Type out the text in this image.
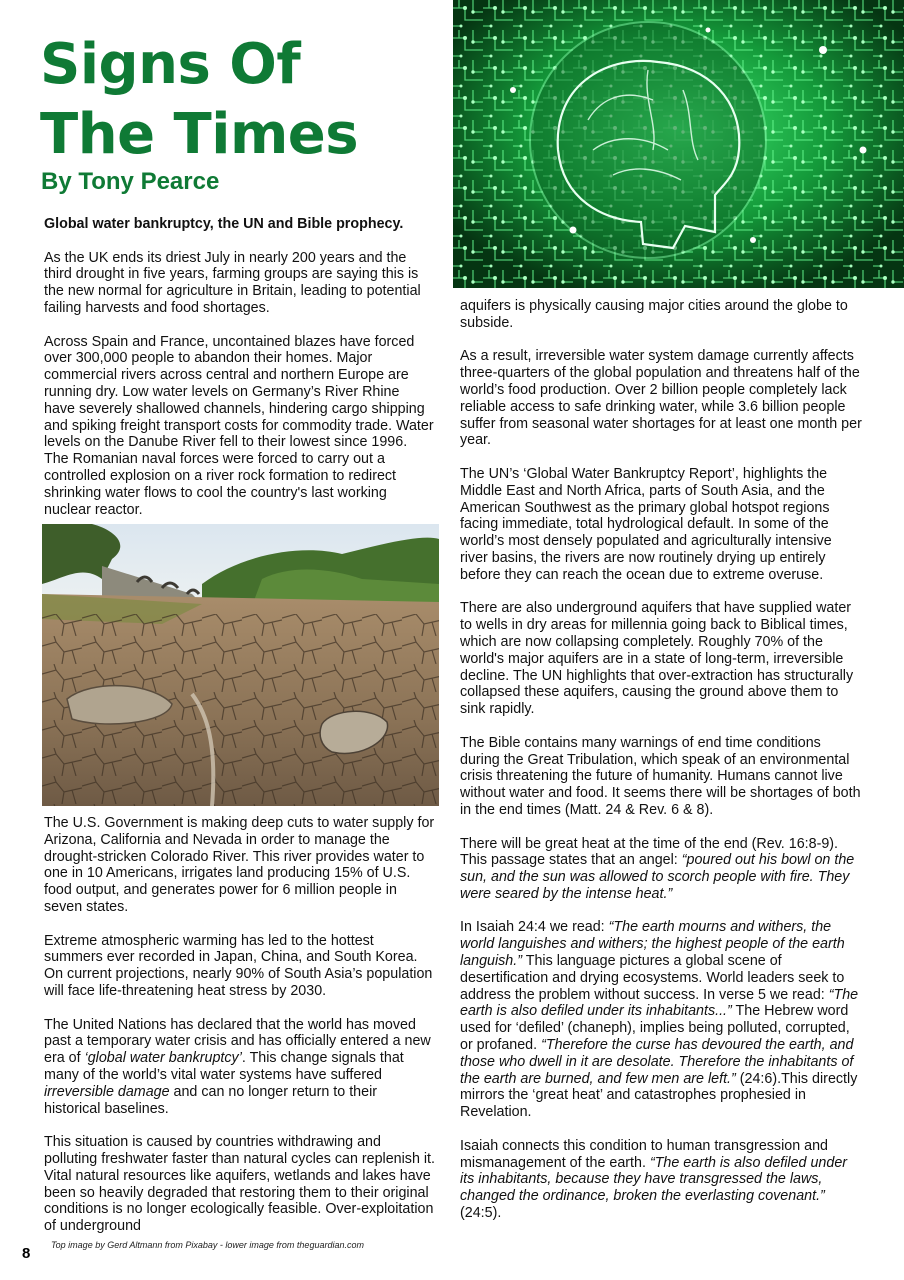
Signs Of
The Times
By Tony Pearce

Global water bankruptcy, the UN and Bible prophecy.

As the UK ends its driest July in nearly 200 years and the third drought in five years, farming groups are saying this is the new normal for agriculture in Britain, leading to potential failing harvests and food shortages.

Across Spain and France, uncontained blazes have forced over 300,000 people to abandon their homes. Major commercial rivers across central and northern Europe are running dry. Low water levels on Germany’s River Rhine have severely shallowed channels, hindering cargo shipping and spiking freight transport costs for commodity trade. Water levels on the Danube River fell to their lowest since 1996. The Romanian naval forces were forced to carry out a controlled explosion on a river rock formation to redirect shrinking water flows to cool the country's last working nuclear reactor.

The U.S. Government is making deep cuts to water supply for Arizona, California and Nevada in order to manage the drought-stricken Colorado River. This river provides water to one in 10 Americans, irrigates land producing 15% of U.S. food output, and generates power for 6 million people in seven states.

Extreme atmospheric warming has led to the hottest summers ever recorded in Japan, China, and South Korea. On current projections, nearly 90% of South Asia’s population will face life-threatening heat stress by 2030.

The United Nations has declared that the world has moved past a temporary water crisis and has officially entered a new era of ‘global water bankruptcy’. This change signals that many of the world’s vital water systems have suffered irreversible damage and can no longer return to their historical baselines.

This situation is caused by countries withdrawing and polluting freshwater faster than natural cycles can replenish it. Vital natural resources like aquifers, wetlands and lakes have been so heavily degraded that restoring them to their original conditions is no longer ecologically feasible. Over-exploitation of underground

aquifers is physically causing major cities around the globe to subside.

As a result, irreversible water system damage currently affects three-quarters of the global population and threatens half of the world’s food production. Over 2 billion people completely lack reliable access to safe drinking water, while 3.6 billion people suffer from seasonal water shortages for at least one month per year.

The UN’s ‘Global Water Bankruptcy Report’, highlights the Middle East and North Africa, parts of South Asia, and the American Southwest as the primary global hotspot regions facing immediate, total hydrological default. In some of the world’s most densely populated and agriculturally intensive river basins, the rivers are now routinely drying up entirely before they can reach the ocean due to extreme overuse.

There are also underground aquifers that have supplied water to wells in dry areas for millennia going back to Biblical times, which are now collapsing completely. Roughly 70% of the world's major aquifers are in a state of long-term, irreversible decline. The UN highlights that over-extraction has structurally collapsed these aquifers, causing the ground above them to sink rapidly.

The Bible contains many warnings of end time conditions during the Great Tribulation, which speak of an environmental crisis threatening the future of humanity. Humans cannot live without water and food. It seems there will be shortages of both in the end times (Matt. 24 & Rev. 6 & 8).

There will be great heat at the time of the end (Rev. 16:8-9). This passage states that an angel: “poured out his bowl on the sun, and the sun was allowed to scorch people with fire. They were seared by the intense heat.”

In Isaiah 24:4 we read: “The earth mourns and withers, the world languishes and withers; the highest people of the earth languish.” This language pictures a global scene of desertification and drying ecosystems. World leaders seek to address the problem without success. In verse 5 we read: “The earth is also defiled under its inhabitants...” The Hebrew word used for ‘defiled’ (chaneph), implies being polluted, corrupted, or profaned. “Therefore the curse has devoured the earth, and those who dwell in it are desolate. Therefore the inhabitants of the earth are burned, and few men are left.” (24:6).This directly mirrors the ‘great heat’ and catastrophes prophesied in Revelation.

Isaiah connects this condition to human transgression and mismanagement of the earth. “The earth is also defiled under its inhabitants, because they have transgressed the laws, changed the ordinance, broken the everlasting covenant.” (24:5).

8 Top image by Gerd Altmann from Pixabay - lower image from theguardian.com
